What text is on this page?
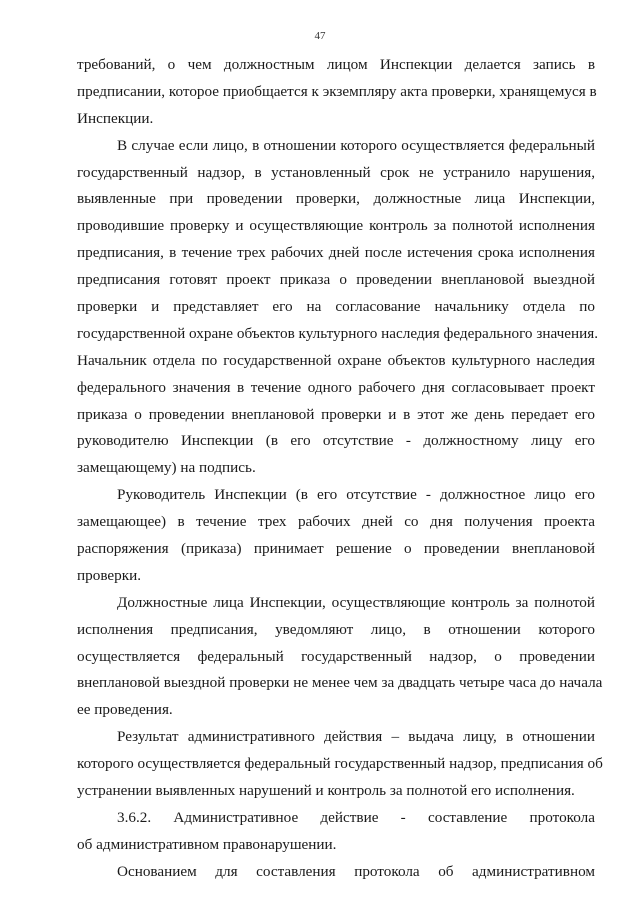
47
требований, о чем должностным лицом Инспекции делается запись в
предписании, которое приобщается к экземпляру акта проверки, хранящемуся в
Инспекции.
В случае если лицо, в отношении которого осуществляется федеральный
государственный надзор, в установленный срок не устранило нарушения,
выявленные при проведении проверки, должностные лица Инспекции,
проводившие проверку и осуществляющие контроль за полнотой исполнения
предписания, в течение трех рабочих дней после истечения срока исполнения
предписания готовят проект приказа о проведении внеплановой выездной
проверки и представляет его на согласование начальнику отдела по
государственной охране объектов культурного наследия федерального значения.
Начальник отдела по государственной охране объектов культурного наследия
федерального значения в течение одного рабочего дня согласовывает проект
приказа о проведении внеплановой проверки и в этот же день передает его
руководителю Инспекции (в его отсутствие - должностному лицу его
замещающему) на подпись.
Руководитель Инспекции (в его отсутствие - должностное лицо его
замещающее) в течение трех рабочих дней со дня получения проекта
распоряжения (приказа) принимает решение о проведении внеплановой
проверки.
Должностные лица Инспекции, осуществляющие контроль за полнотой
исполнения предписания, уведомляют лицо, в отношении которого
осуществляется федеральный государственный надзор, о проведении
внеплановой выездной проверки не менее чем за двадцать четыре часа до начала
ее проведения.
Результат административного действия – выдача лицу, в отношении
которого осуществляется федеральный государственный надзор, предписания об
устранении выявленных нарушений и контроль за полнотой его исполнения.
3.6.2. Административное действие - составление протокола
об административном правонарушении.
Основанием для составления протокола об административном
